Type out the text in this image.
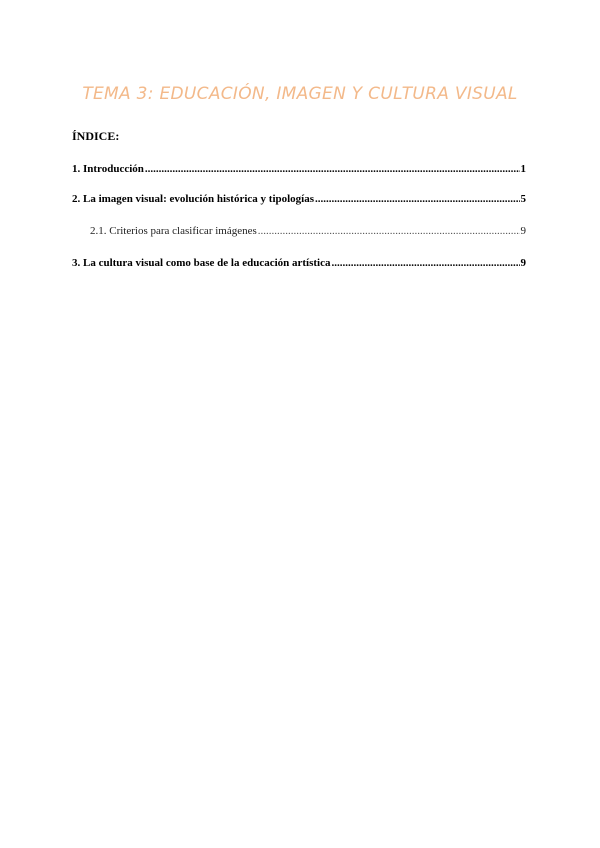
TEMA 3: EDUCACIÓN, IMAGEN Y CULTURA VISUAL
ÍNDICE:
1. Introducción .....	1
2. La imagen visual: evolución histórica y tipologías .....	5
2.1. Criterios para clasificar imágenes .....	9
3. La cultura visual como base de la educación artística .....	9
